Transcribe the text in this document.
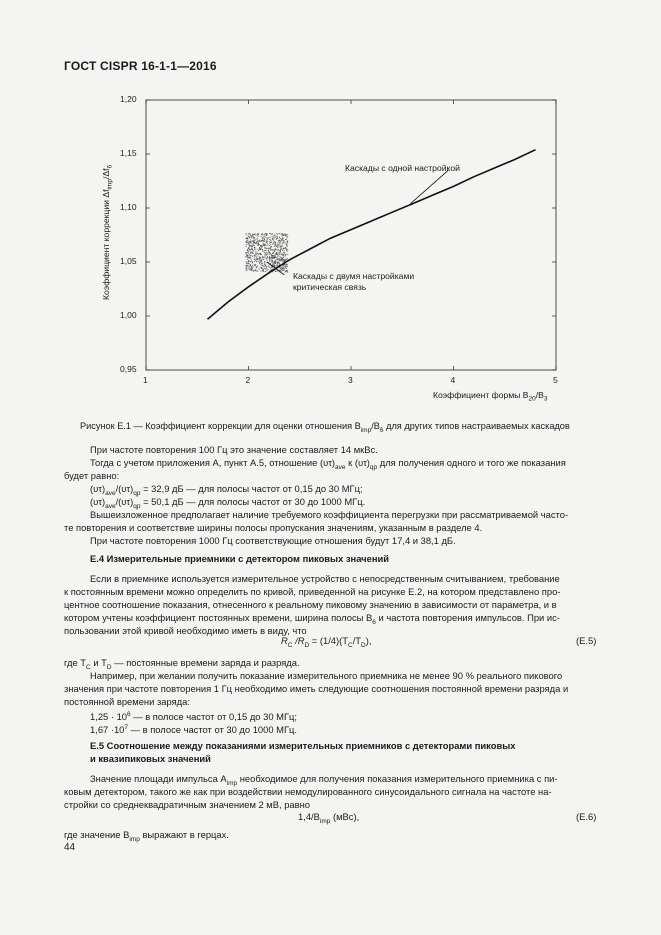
ГОСТ CISPR 16-1-1—2016
1	2	3	4	5
0,95
1,00
1,05
1,10
1,15
1,20
Коэффициент коррекции $\Delta f_{imp}/\Delta f_6$
Коэффициент формы $B_{20}/B_3$
Каскады с одной настройкой
Каскады с двумя настройками
критическая связь
Рисунок Е.1 — Коэффициент коррекции для оценки отношения $B_{imp}/B_6$ для других типов настраиваемых каскадов
При частоте повторения 100 Гц это значение составляет 14 мкВс.
Тогда с учетом приложения А, пункт А.5, отношение $(\upsilon\tau)_{ave}$ к $(\upsilon\tau)_{qp}$ для получения одного и того же показания
будет равно:
$(\upsilon\tau)_{ave}/(\upsilon\tau)_{qp} = 32,9$ дБ — для полосы частот от 0,15 до 30 МГц;
$(\upsilon\tau)_{ave}/(\upsilon\tau)_{qp} = 50,1$ дБ — для полосы частот от 30 до 1000 МГц.
Вышеизложенное предполагает наличие требуемого коэффициента перегрузки при рассматриваемой часто-
те повторения и соответствие ширины полосы пропускания значениям, указанным в разделе 4.
При частоте повторения 1000 Гц соответствующие отношения будут 17,4 и 38,1 дБ.
Е.4 Измерительные приемники с детектором пиковых значений
Если в приемнике используется измерительное устройство с непосредственным считыванием, требование
к постоянным времени можно определить по кривой, приведенной на рисунке Е.2, на котором представлено про-
центное соотношение показания, отнесенного к реальному пиковому значению в зависимости от параметра, и в
котором учтены коэффициент постоянных времени, ширина полосы $B_6$ и частота повторения импульсов. При ис-
пользовании этой кривой необходимо иметь в виду, что
$R_C$ $/R_D = (1/4)(T_C/T_D)$,	(Е.5)
где $T_C$ и $T_D$ — постоянные времени заряда и разряда.
Например, при желании получить показание измерительного приемника не менее 90 % реального пикового
значения при частоте повторения 1 Гц необходимо иметь следующие соотношения постоянной времени разряда и
постоянной времени заряда:
$1,25 \cdot 10^6$ — в полосе частот от 0,15 до 30 МГц;
$1,67 \cdot 10^7$ — в полосе частот от 30 до 1000 МГц.
Е.5 Соотношение между показаниями измерительных приемников с детекторами пиковых
и квазипиковых значений
Значение площади импульса $A_{imp}$ необходимое для получения показания измерительного приемника с пи-
ковым детектором, такого же как при воздействии немодулированного синусоидального сигнала на частоте на-
стройки со среднеквадратичным значением 2 мВ, равно
$1,4/B_{imp}$ (мВс),	(Е.6)
где значение $B_{imp}$ выражают в герцах.
44
